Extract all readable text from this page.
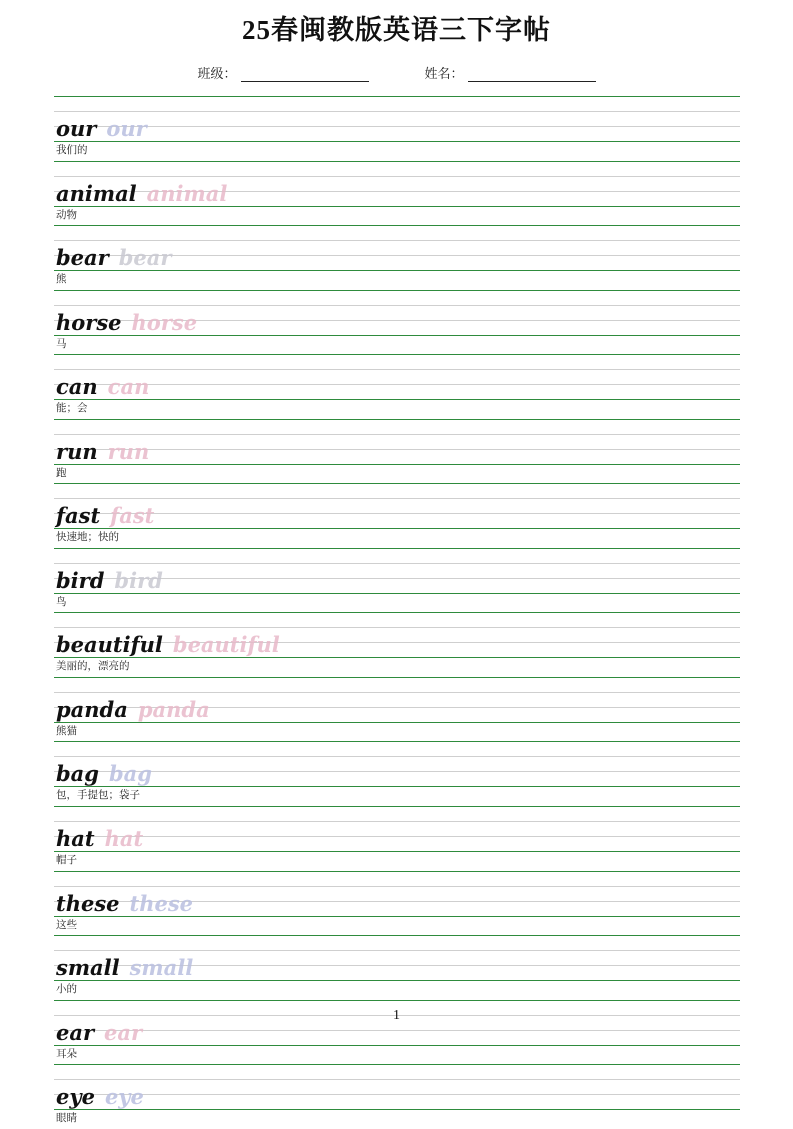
25春闽教版英语三下字帖
班级：	姓名：
our our
我们的
animal animal
动物
bear bear
熊
horse horse
马
can can
能；会
run run
跑
fast fast
快速地；快的
bird bird
鸟
beautiful beautiful
美丽的，漂亮的
panda panda
熊猫
bag bag
包，手提包；袋子
hat hat
帽子
these these
这些
small small
小的
ear ear
耳朵
eye eye
眼睛
1
